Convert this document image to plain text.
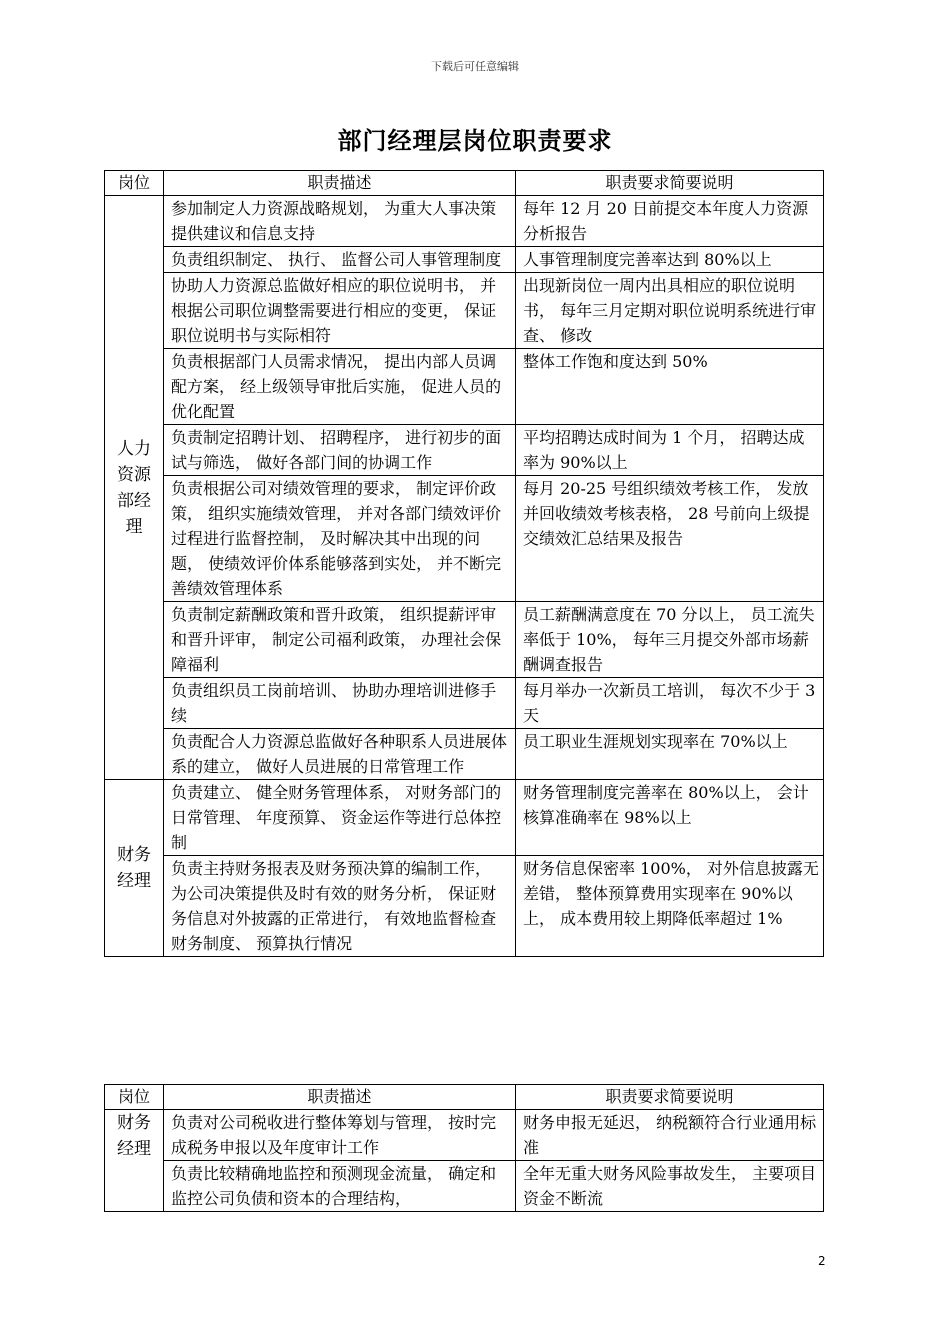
下载后可任意编辑
部门经理层岗位职责要求
岗位	职责描述	职责要求简要说明
人力资源部经理	参加制定人力资源战略规划， 为重大人事决策提供建议和信息支持	每年 12 月 20 日前提交本年度人力资源分析报告
	负责组织制定、 执行、 监督公司人事管理制度	人事管理制度完善率达到 80%以上
	协助人力资源总监做好相应的职位说明书， 并根据公司职位调整需要进行相应的变更， 保证职位说明书与实际相符	出现新岗位一周内出具相应的职位说明书， 每年三月定期对职位说明系统进行审查、 修改
	负责根据部门人员需求情况， 提出内部人员调配方案， 经上级领导审批后实施， 促进人员的优化配置	整体工作饱和度达到 50%
	负责制定招聘计划、 招聘程序， 进行初步的面试与筛选， 做好各部门间的协调工作	平均招聘达成时间为 1 个月， 招聘达成率为 90%以上
	负责根据公司对绩效管理的要求， 制定评价政策， 组织实施绩效管理， 并对各部门绩效评价过程进行监督控制， 及时解决其中出现的问题， 使绩效评价体系能够落到实处， 并不断完善绩效管理体系	每月 20-25 号组织绩效考核工作， 发放并回收绩效考核表格， 28 号前向上级提交绩效汇总结果及报告
	负责制定薪酬政策和晋升政策， 组织提薪评审和晋升评审， 制定公司福利政策， 办理社会保障福利	员工薪酬满意度在 70 分以上， 员工流失率低于 10%， 每年三月提交外部市场薪酬调查报告
	负责组织员工岗前培训、 协助办理培训进修手续	每月举办一次新员工培训， 每次不少于 3 天
	负责配合人力资源总监做好各种职系人员进展体系的建立， 做好人员进展的日常管理工作	员工职业生涯规划实现率在 70%以上
财务经理	负责建立、 健全财务管理体系， 对财务部门的日常管理、 年度预算、 资金运作等进行总体控制	财务管理制度完善率在 80%以上， 会计核算准确率在 98%以上
	负责主持财务报表及财务预决算的编制工作， 为公司决策提供及时有效的财务分析， 保证财务信息对外披露的正常进行， 有效地监督检查财务制度、 预算执行情况	财务信息保密率 100%， 对外信息披露无差错， 整体预算费用实现率在 90%以上， 成本费用较上期降低率超过 1%
岗位	职责描述	职责要求简要说明
财务经理	负责对公司税收进行整体筹划与管理， 按时完成税务申报以及年度审计工作	财务申报无延迟， 纳税额符合行业通用标准
	负责比较精确地监控和预测现金流量， 确定和监控公司负债和资本的合理结构，	全年无重大财务风险事故发生， 主要项目资金不断流
2
